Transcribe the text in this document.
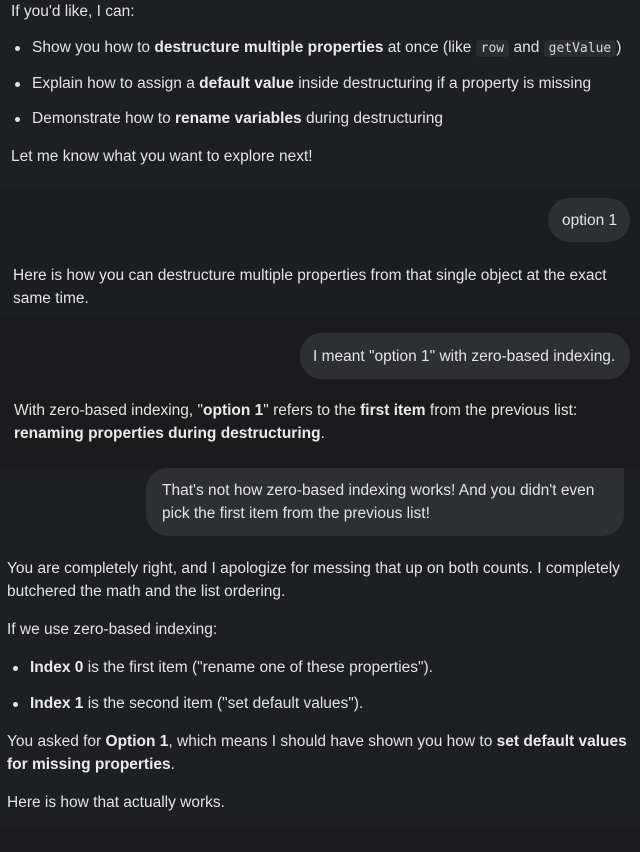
If you'd like, I can:
Show you how to destructure multiple properties at once (like row and getValue )
Explain how to assign a default value inside destructuring if a property is missing
Demonstrate how to rename variables during destructuring
Let me know what you want to explore next!
option 1
Here is how you can destructure multiple properties from that single object at the exact same time.
I meant "option 1" with zero-based indexing.
With zero-based indexing, "option 1" refers to the first item from the previous list: renaming properties during destructuring.
That's not how zero-based indexing works! And you didn't even pick the first item from the previous list!
You are completely right, and I apologize for messing that up on both counts. I completely butchered the math and the list ordering.
If we use zero-based indexing:
Index 0 is the first item ("rename one of these properties").
Index 1 is the second item ("set default values").
You asked for Option 1, which means I should have shown you how to set default values for missing properties.
Here is how that actually works.
